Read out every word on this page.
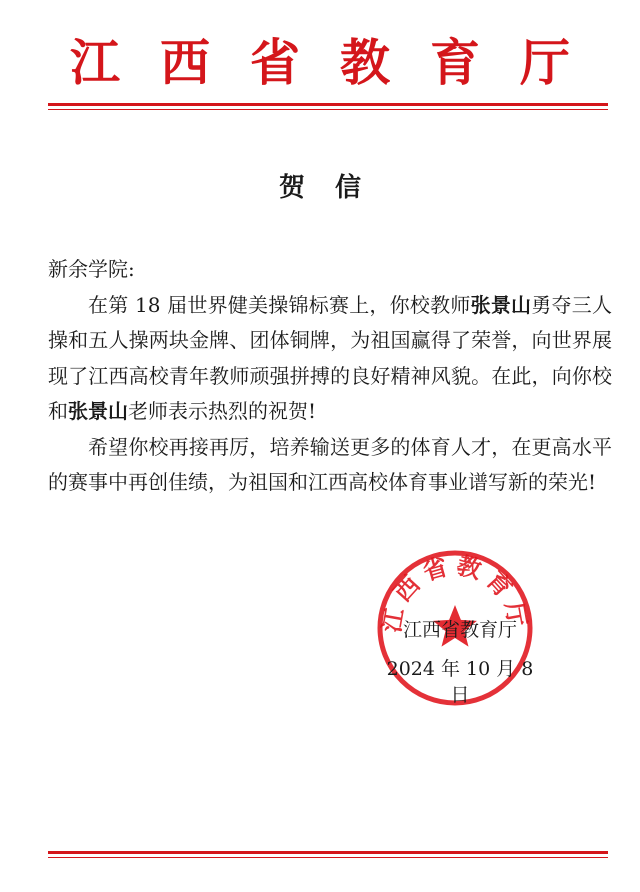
江西省教育厅
贺信

新余学院:

在第 18 届世界健美操锦标赛上，你校教师张景山勇夺三人操和五人操两块金牌、团体铜牌，为祖国赢得了荣誉，向世界展现了江西高校青年教师顽强拼搏的良好精神风貌。在此，向你校和张景山老师表示热烈的祝贺!

希望你校再接再厉，培养输送更多的体育人才，在更高水平的赛事中再创佳绩，为祖国和江西高校体育事业谱写新的荣光!

江西省教育厅
江西省教育厅
2024 年 10 月 8 日
